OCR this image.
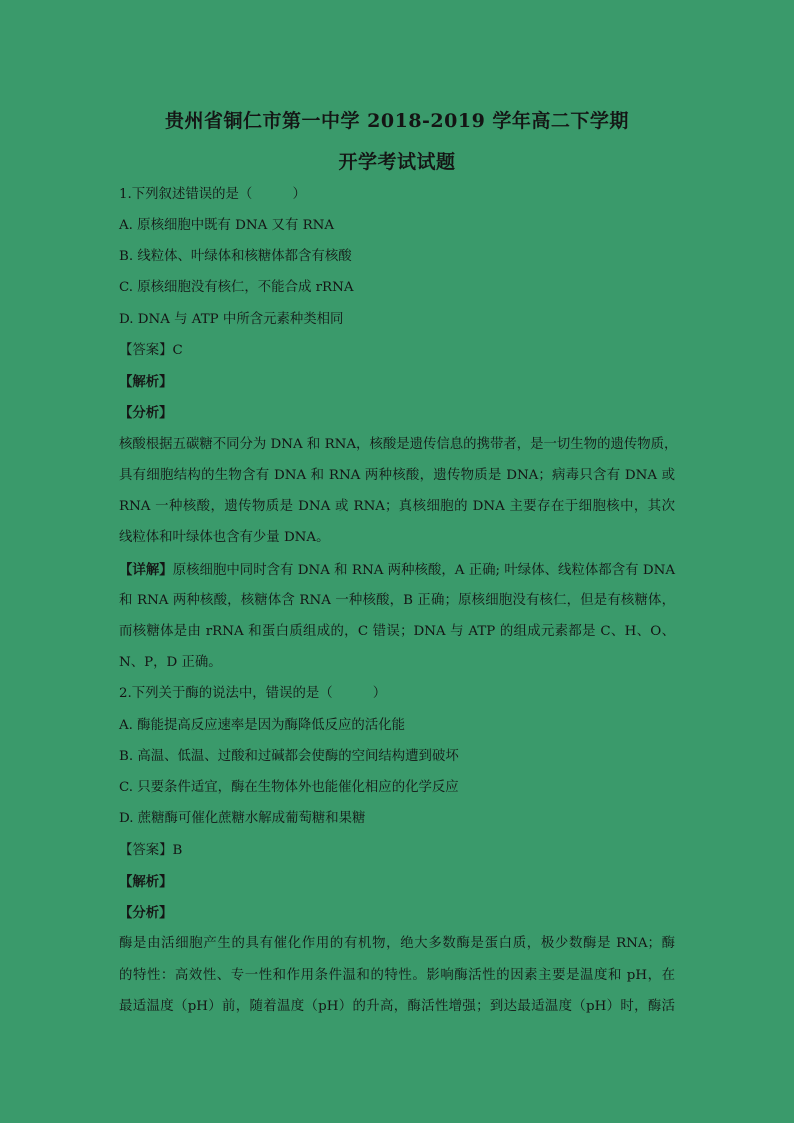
贵州省铜仁市第一中学 2018-2019 学年高二下学期
开学考试试题
1.下列叙述错误的是（　　　）
A. 原核细胞中既有 DNA 又有 RNA
B. 线粒体、叶绿体和核糖体都含有核酸
C. 原核细胞没有核仁，不能合成 rRNA
D. DNA 与 ATP 中所含元素种类相同
【答案】C
【解析】
【分析】
核酸根据五碳糖不同分为 DNA 和 RNA，核酸是遗传信息的携带者，是一切生物的遗传物质，
具有细胞结构的生物含有 DNA 和 RNA 两种核酸，遗传物质是 DNA；病毒只含有 DNA 或
RNA 一种核酸，遗传物质是 DNA 或 RNA；真核细胞的 DNA 主要存在于细胞核中，其次
线粒体和叶绿体也含有少量 DNA。
【详解】原核细胞中同时含有 DNA 和 RNA 两种核酸，A 正确; 叶绿体、线粒体都含有 DNA
和 RNA 两种核酸，核糖体含 RNA 一种核酸，B 正确；原核细胞没有核仁，但是有核糖体，
而核糖体是由 rRNA 和蛋白质组成的，C 错误；DNA 与 ATP 的组成元素都是 C、H、O、
N、P，D 正确。
2.下列关于酶的说法中，错误的是（　　　）
A. 酶能提高反应速率是因为酶降低反应的活化能
B. 高温、低温、过酸和过碱都会使酶的空间结构遭到破坏
C. 只要条件适宜，酶在生物体外也能催化相应的化学反应
D. 蔗糖酶可催化蔗糖水解成葡萄糖和果糖
【答案】B
【解析】
【分析】
酶是由活细胞产生的具有催化作用的有机物，绝大多数酶是蛋白质，极少数酶是 RNA；酶
的特性：高效性、专一性和作用条件温和的特性。影响酶活性的因素主要是温度和 pH，在
最适温度（pH）前，随着温度（pH）的升高，酶活性增强；到达最适温度（pH）时，酶活
